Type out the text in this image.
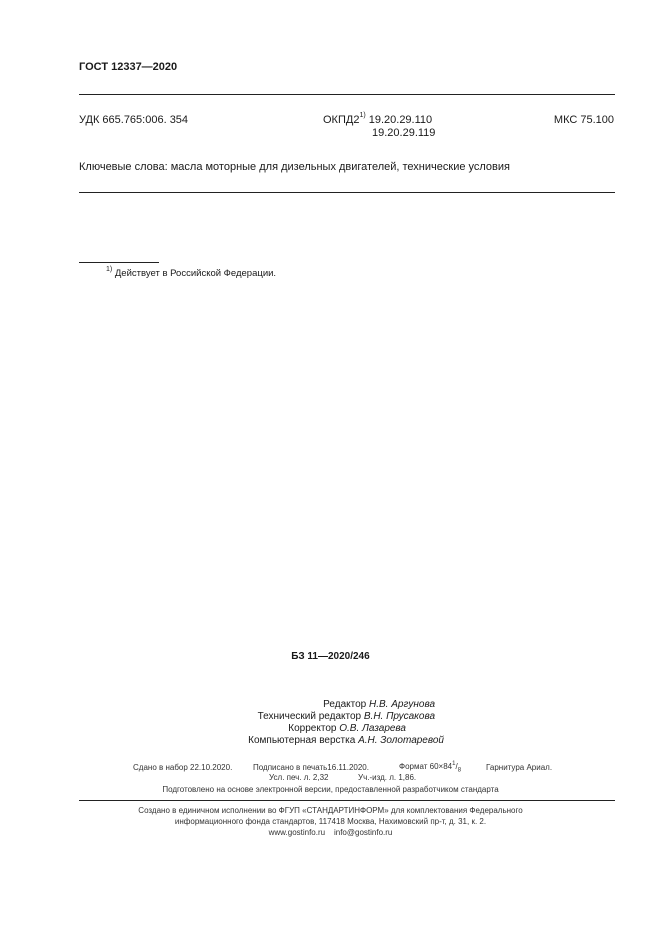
ГОСТ 12337—2020
УДК 665.765:006. 354	ОКПД2$^{1)}$ 19.20.29.110
19.20.29.119
МКС 75.100
Ключевые слова: масла моторные для дизельных двигателей, технические условия
$^{1)}$ Действует в Российской Федерации.
БЗ 11—2020/246
Редактор Н.В. Аргунова
Технический редактор В.Н. Прусакова
Корректор О.В. Лазарева
Компьютерная верстка А.Н. Золотаревой
Сдано в набор 22.10.2020.	Подписано в печать16.11.2020.	Формат $60\times 84^1/_8$	Гарнитура Ариал.
Усл. печ. л. 2,32	Уч.-изд. л. 1,86.
Подготовлено на основе электронной версии, предоставленной разработчиком стандарта
Создано в единичном исполнении во ФГУП «СТАНДАРТИНФОРМ» для комплектования Федерального
информационного фонда стандартов, 117418 Москва, Нахимовский пр-т, д. 31, к. 2.
www.gostinfo.ru info@gostinfo.ru
